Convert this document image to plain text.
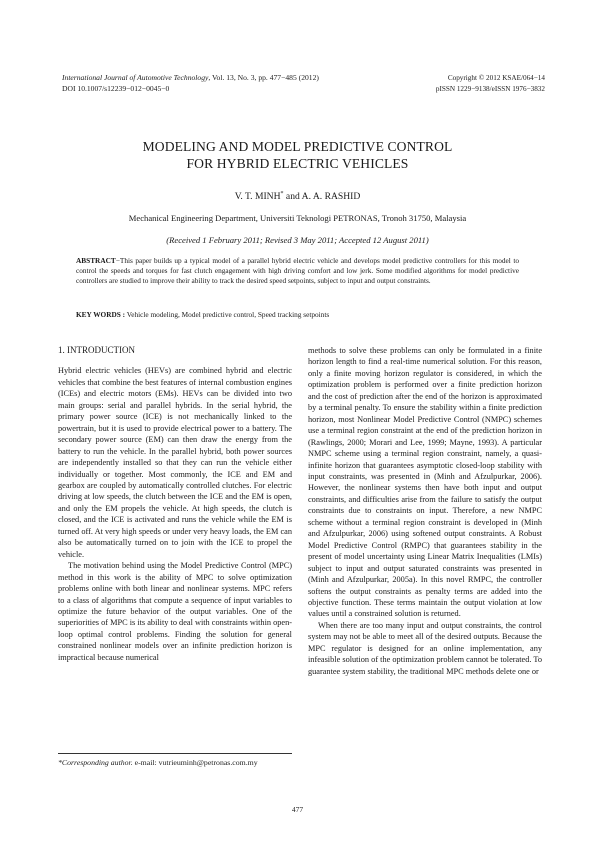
International Journal of Automotive Technology, Vol. 13, No. 3, pp. 477−485 (2012)
DOI 10.1007/s12239−012−0045−0
Copyright © 2012 KSAE/064−14
pISSN 1229−9138/eISSN 1976−3832
MODELING AND MODEL PREDICTIVE CONTROL
FOR HYBRID ELECTRIC VEHICLES
V. T. MINH* and A. A. RASHID
Mechanical Engineering Department, Universiti Teknologi PETRONAS, Tronoh 31750, Malaysia
(Received 1 February 2011; Revised 3 May 2011; Accepted 12 August 2011)
ABSTRACT−This paper builds up a typical model of a parallel hybrid electric vehicle and develops model predictive controllers for this model to control the speeds and torques for fast clutch engagement with high driving comfort and low jerk. Some modified algorithms for model predictive controllers are studied to improve their ability to track the desired speed setpoints, subject to input and output constraints.
KEY WORDS : Vehicle modeling, Model predictive control, Speed tracking setpoints
1. INTRODUCTION

Hybrid electric vehicles (HEVs) are combined hybrid and electric vehicles that combine the best features of internal combustion engines (ICEs) and electric motors (EMs). HEVs can be divided into two main groups: serial and parallel hybrids. In the serial hybrid, the primary power source (ICE) is not mechanically linked to the powertrain, but it is used to provide electrical power to a battery. The secondary power source (EM) can then draw the energy from the battery to run the vehicle. In the parallel hybrid, both power sources are independently installed so that they can run the vehicle either individually or together. Most commonly, the ICE and EM and gearbox are coupled by automatically controlled clutches. For electric driving at low speeds, the clutch between the ICE and the EM is open, and only the EM propels the vehicle. At high speeds, the clutch is closed, and the ICE is activated and runs the vehicle while the EM is turned off. At very high speeds or under very heavy loads, the EM can also be automatically turned on to join with the ICE to propel the vehicle.

The motivation behind using the Model Predictive Control (MPC) method in this work is the ability of MPC to solve optimization problems online with both linear and nonlinear systems. MPC refers to a class of algorithms that compute a sequence of input variables to optimize the future behavior of the output variables. One of the superiorities of MPC is its ability to deal with constraints within open-loop optimal control problems. Finding the solution for general constrained nonlinear models over an infinite prediction horizon is impractical because numerical

methods to solve these problems can only be formulated in a finite horizon length to find a real-time numerical solution. For this reason, only a finite moving horizon regulator is considered, in which the optimization problem is performed over a finite prediction horizon and the cost of prediction after the end of the horizon is approximated by a terminal penalty. To ensure the stability within a finite prediction horizon, most Nonlinear Model Predictive Control (NMPC) schemes use a terminal region constraint at the end of the prediction horizon in (Rawlings, 2000; Morari and Lee, 1999; Mayne, 1993). A particular NMPC scheme using a terminal region constraint, namely, a quasi-infinite horizon that guarantees asymptotic closed-loop stability with input constraints, was presented in (Minh and Afzulpurkar, 2006). However, the nonlinear systems then have both input and output constraints, and difficulties arise from the failure to satisfy the output constraints due to constraints on input. Therefore, a new NMPC scheme without a terminal region constraint is developed in (Minh and Afzulpurkar, 2006) using softened output constraints. A Robust Model Predictive Control (RMPC) that guarantees stability in the present of model uncertainty using Linear Matrix Inequalities (LMIs) subject to input and output saturated constraints was presented in (Minh and Afzulpurkar, 2005a). In this novel RMPC, the controller softens the output constraints as penalty terms are added into the objective function. These terms maintain the output violation at low values until a constrained solution is returned.

When there are too many input and output constraints, the control system may not be able to meet all of the desired outputs. Because the MPC regulator is designed for an online implementation, any infeasible solution of the optimization problem cannot be tolerated. To guarantee system stability, the traditional MPC methods delete one or

*Corresponding author. e-mail: vutrieuminh@petronas.com.my
477
